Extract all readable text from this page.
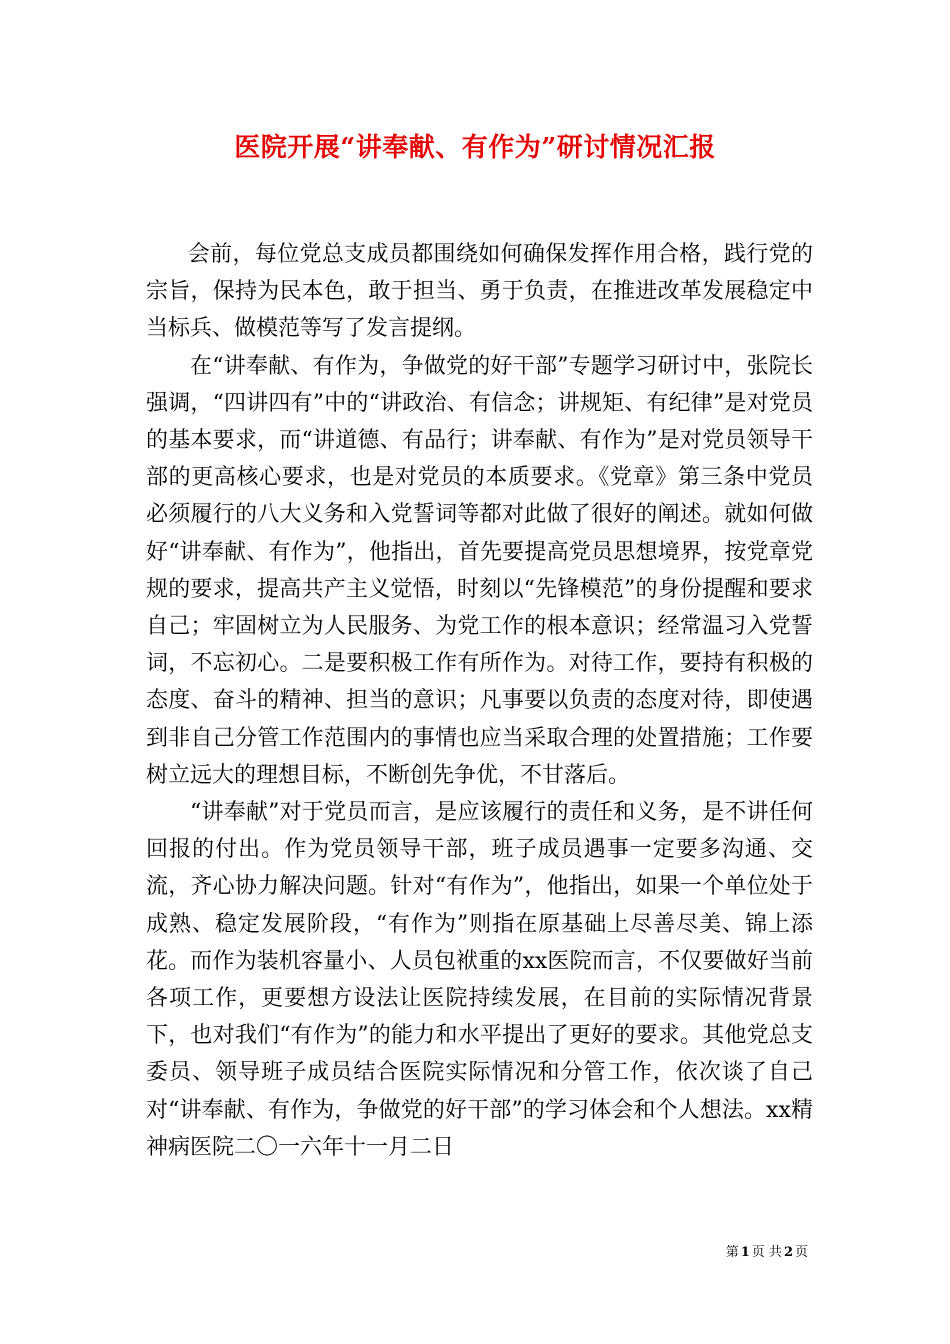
医院开展“讲奉献、有作为”研讨情况汇报

会前，每位党总支成员都围绕如何确保发挥作用合格，践行党的宗旨，保持为民本色，敢于担当、勇于负责，在推进改革发展稳定中当标兵、做模范等写了发言提纲。

在“讲奉献、有作为，争做党的好干部”专题学习研讨中，张院长强调，“四讲四有”中的“讲政治、有信念；讲规矩、有纪律”是对党员的基本要求，而“讲道德、有品行；讲奉献、有作为”是对党员领导干部的更高核心要求，也是对党员的本质要求。《党章》第三条中党员必须履行的八大义务和入党誓词等都对此做了很好的阐述。就如何做好“讲奉献、有作为”，他指出，首先要提高党员思想境界，按党章党规的要求，提高共产主义觉悟，时刻以“先锋模范”的身份提醒和要求自己；牢固树立为人民服务、为党工作的根本意识；经常温习入党誓词，不忘初心。二是要积极工作有所作为。对待工作，要持有积极的态度、奋斗的精神、担当的意识；凡事要以负责的态度对待，即使遇到非自己分管工作范围内的事情也应当采取合理的处置措施；工作要树立远大的理想目标，不断创先争优，不甘落后。

“讲奉献”对于党员而言，是应该履行的责任和义务，是不讲任何回报的付出。作为党员领导干部，班子成员遇事一定要多沟通、交流，齐心协力解决问题。针对“有作为”，他指出，如果一个单位处于成熟、稳定发展阶段，“有作为”则指在原基础上尽善尽美、锦上添花。而作为装机容量小、人员包袱重的xx医院而言，不仅要做好当前各项工作，更要想方设法让医院持续发展，在目前的实际情况背景下，也对我们“有作为”的能力和水平提出了更好的要求。其他党总支委员、领导班子成员结合医院实际情况和分管工作，依次谈了自己对“讲奉献、有作为，争做党的好干部”的学习体会和个人想法。xx精神病医院二〇一六年十一月二日

第 1 页 共 2 页
